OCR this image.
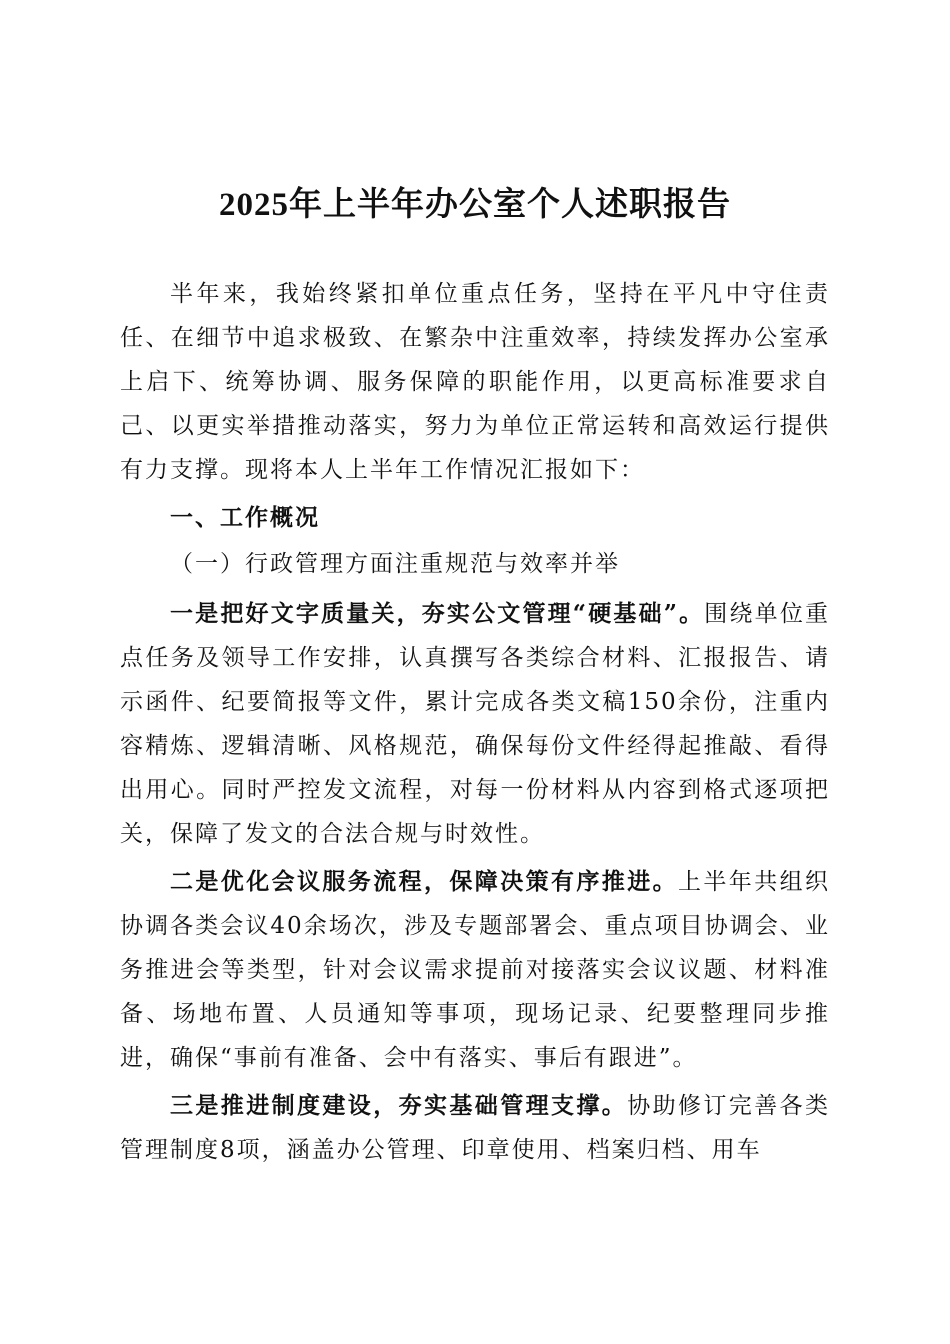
2025年上半年办公室个人述职报告

半年来，我始终紧扣单位重点任务，坚持在平凡中守住责任、在细节中追求极致、在繁杂中注重效率，持续发挥办公室承上启下、统筹协调、服务保障的职能作用，以更高标准要求自己、以更实举措推动落实，努力为单位正常运转和高效运行提供有力支撑。现将本人上半年工作情况汇报如下：

一、工作概况

（一）行政管理方面注重规范与效率并举

一是把好文字质量关，夯实公文管理“硬基础”。围绕单位重点任务及领导工作安排，认真撰写各类综合材料、汇报报告、请示函件、纪要简报等文件，累计完成各类文稿150余份，注重内容精炼、逻辑清晰、风格规范，确保每份文件经得起推敲、看得出用心。同时严控发文流程，对每一份材料从内容到格式逐项把关，保障了发文的合法合规与时效性。

二是优化会议服务流程，保障决策有序推进。上半年共组织协调各类会议40余场次，涉及专题部署会、重点项目协调会、业务推进会等类型，针对会议需求提前对接落实会议议题、材料准备、场地布置、人员通知等事项，现场记录、纪要整理同步推进，确保“事前有准备、会中有落实、事后有跟进”。

三是推进制度建设，夯实基础管理支撑。协助修订完善各类管理制度8项，涵盖办公管理、印章使用、档案归档、用车
